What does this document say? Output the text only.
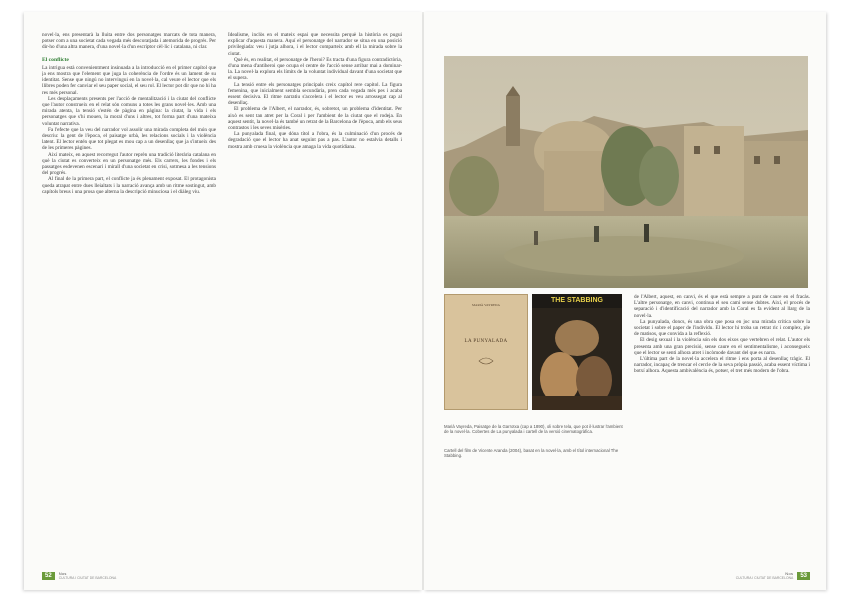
novel·la, ens presentarà la lluita entre dos personatges marcats de tota manera, potser com a una societat cada vegada més descoratjada i atemorida de progrés. Per dir-ho d'una altra manera, d'una novel·la d'un escriptor cèl·lic i catalana, ni clar.

El conflicte

La intrigua està convenientment insinuada a la introducció en el primer capítol que ja ens mostra que l'element que juga la coherència de l'ordre és un lament de su identitat. Sense que ningú no intervingui en la novel·la, cal veure el lector que els llibres poden fer canviar el seu paper social, el seu rol. El lector pot dir que no hi ha res més personal.

Les desplaçaments presents per l'acció de mentalització i la ciutat del conflicte que l'autor construeix en el relat són comuns a totes les grans novel·les. Amb una mirada atenta, la tensió s'estén de pàgina en pàgina: la ciutat, la vida i els personatges que s'hi mouen, la moral d'uns i altres, tot forma part d'una mateixa voluntat narrativa.

Fa l'efecte que la veu del narrador vol assolir una mirada completa del món que descriu: la gent de l'època, el paisatge urbà, les relacions socials i la violència latent. El lector entén que tot plegat es mou cap a un desenllaç que ja s'intueix des de les primeres pàgines.

Així mateix, en aquest recorregut l'autor reprèn una tradició literària catalana en què la ciutat es converteix en un personatge més. Els carrers, les fondes i els passatges esdevenen escenari i mirall d'una societat en crisi, sotmesa a les tensions del progrés.

Al final de la primera part, el conflicte ja és plenament exposat. El protagonista queda atrapat entre dues lleialtats i la narració avança amb un ritme sostingut, amb capítols breus i una prosa que alterna la descripció minuciosa i el diàleg viu.

Idealisme, inclòs en el mateix espai que necessita perquè la història es pugui explicar d'aquesta manera. Aquí el personatge del narrador se situa en una posició privilegiada: veu i jutja alhora, i el lector comparteix amb ell la mirada sobre la ciutat.

Què és, en realitat, el personatge de l'heroi? Es tracta d'una figura contradictòria, d'una mena d'antiheroi que ocupa el centre de l'acció sense arribar mai a dominar-la. La novel·la explora els límits de la voluntat individual davant d'una societat que el supera.

La tensió entre els personatges principals creix capítol rere capítol. La figura femenina, que inicialment sembla secundària, pren cada vegada més pes i acaba essent decisiva. El ritme narratiu s'accelera i el lector es veu arrossegat cap al desenllaç.

El problema de l'Albert, el narrador, és, sobretot, un problema d'identitat. Per això es sent tan atret per la Coral i per l'ambient de la ciutat que el rodeja. En aquest sentit, la novel·la és també un retrat de la Barcelona de l'època, amb els seus contrastos i les seves misèries.

La punyalada final, que dóna títol a l'obra, és la culminació d'un procés de degradació que el lector ha anat seguint pas a pas. L'autor no estalvia detalls i mostra amb cruesa la violència que amaga la vida quotidiana.

52	Nos
CULTURA I CIUTAT DE BARCELONA
MARIÀ VAYREDA
LA PUNYALADA
THE STABBING
Marià Vayreda, Paisatge de la Garrotxa (cap a 1890), oli sobre tela, que pot il·lustrar l'ambient de la novel·la. Cobertes de La punyalada i cartell de la versió cinematogràfica.
Cartell del film de Vicente Aranda (2004), basat en la novel·la, amb el títol internacional The Stabbing.

de l'Albert, aquest, en canvi, és el que està sempre a punt de caure en el fracàs. L'altre personatge, en canvi, continua el seu camí sense dubtes. Així, el procés de separació i d'identificació del narrador amb la Coral es fa evident al llarg de la novel·la.

La punyalada, doncs, és una obra que posa en joc una mirada crítica sobre la societat i sobre el paper de l'individu. El lector hi troba un retrat ric i complex, ple de matisos, que convida a la reflexió.

El desig sexual i la violència són els dos eixos que vertebren el relat. L'autor els presenta amb una gran precisió, sense caure en el sentimentalisme, i aconsegueix que el lector se senti alhora atret i incòmode davant del que es narra.

L'última part de la novel·la accelera el ritme i ens porta al desenllaç tràgic. El narrador, incapaç de trencar el cercle de la seva pròpia passió, acaba essent víctima i botxí alhora. Aquesta ambivalència és, potser, el tret més modern de l'obra.

Nos
CULTURA I CIUTAT DE BARCELONA	53
